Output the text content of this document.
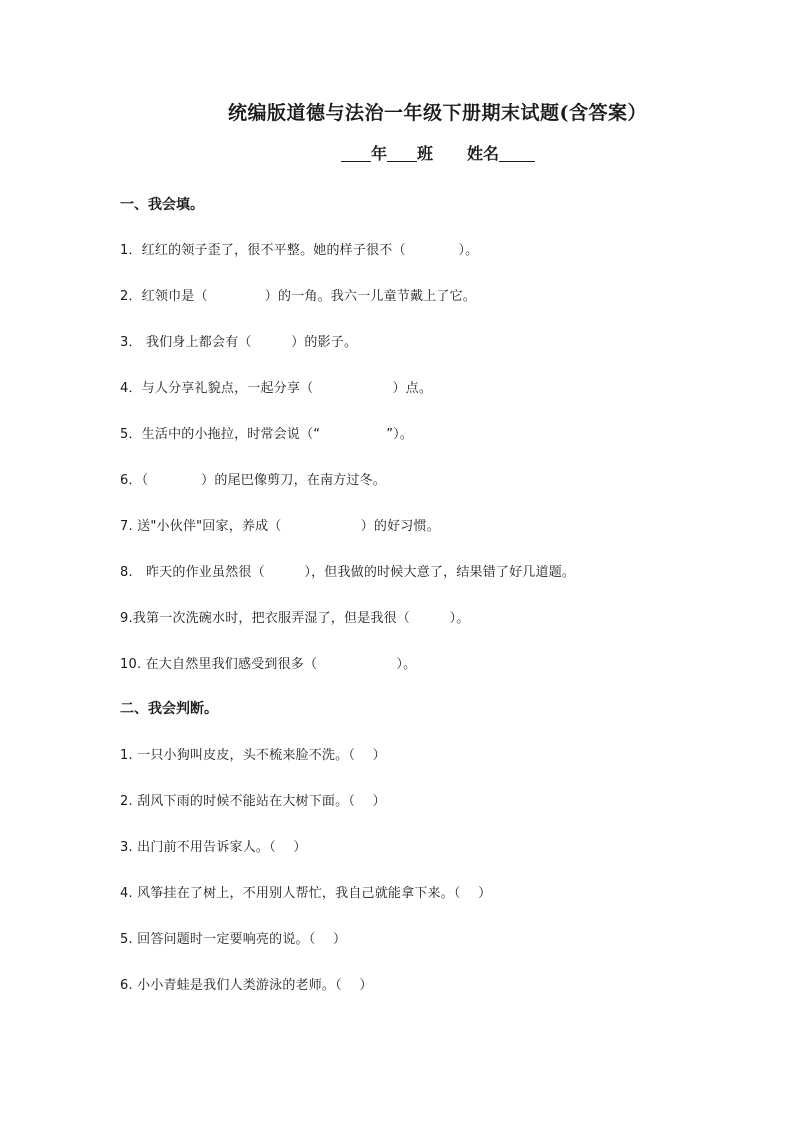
统编版道德与法治一年级下册期末试题(含答案）
年 班 姓名
一、我会填。
1．红红的领子歪了，很不平整。她的样子很不（　　　　）。
2．红领巾是（　　　　 ）的一角。我六一儿童节戴上了它。
3． 我们身上都会有（　　　）的影子。
4．与人分享礼貌点，一起分享（　　　　　　）点。
5．生活中的小拖拉，时常会说（“　　　　　”）。
6．（　　　　）的尾巴像剪刀，在南方过冬。
7. 送"小伙伴"回家，养成（　　　　　　）的好习惯。
8.　昨天的作业虽然很（　　　），但我做的时候大意了，结果错了好几道题。
9.我第一次洗碗水时，把衣服弄湿了，但是我很（　　　）。
10. 在大自然里我们感受到很多（　　　　　　）。
二、我会判断。
1. 一只小狗叫皮皮，头不梳来脸不洗。（　 ）
2. 刮风下雨的时候不能站在大树下面。（　 ）
3. 出门前不用告诉家人。（　 ）
4. 风筝挂在了树上，不用别人帮忙，我自己就能拿下来。（　 ）
5. 回答问题时一定要响亮的说。（　 ）
6. 小小青蛙是我们人类游泳的老师。（　 ）
